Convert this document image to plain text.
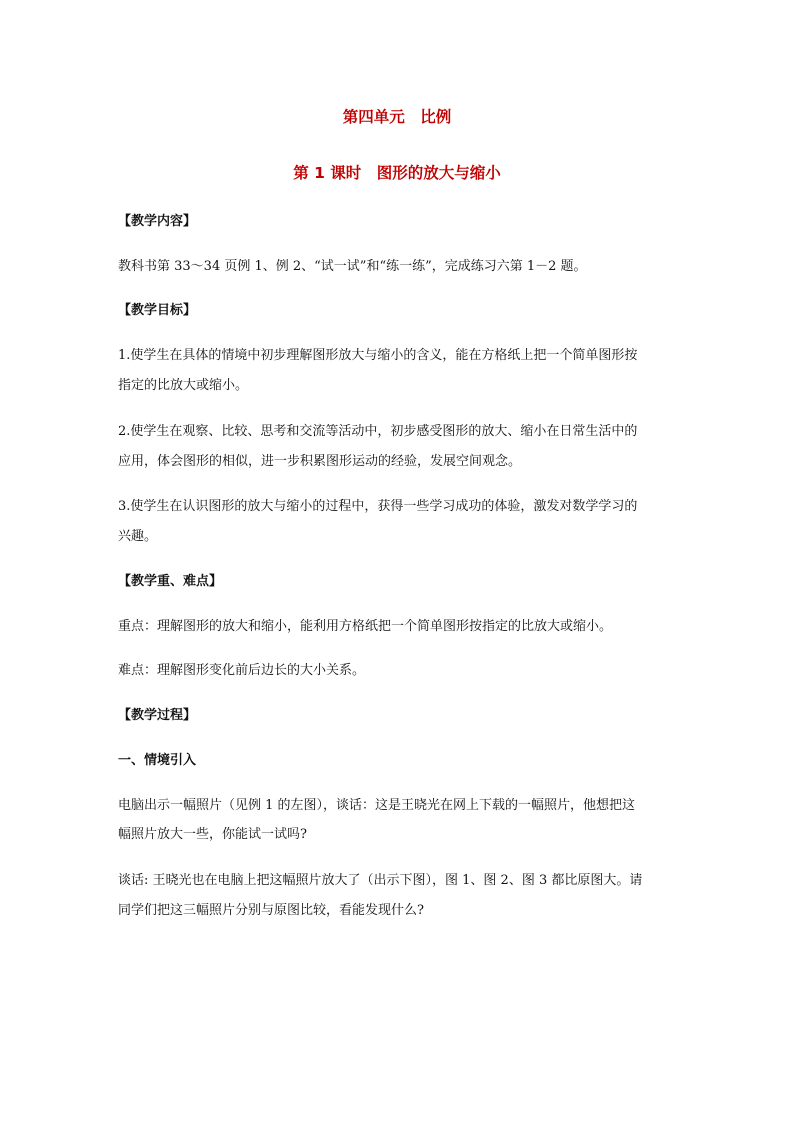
第四单元　比例
第 1 课时　图形的放大与缩小
【教学内容】
教科书第 33～34 页例 1、例 2、“试一试”和“练一练”，完成练习六第 1－2 题。
【教学目标】
1.使学生在具体的情境中初步理解图形放大与缩小的含义，能在方格纸上把一个简单图形按
指定的比放大或缩小。
2.使学生在观察、比较、思考和交流等活动中，初步感受图形的放大、缩小在日常生活中的
应用，体会图形的相似，进一步积累图形运动的经验，发展空间观念。
3.使学生在认识图形的放大与缩小的过程中，获得一些学习成功的体验，激发对数学学习的
兴趣。
【教学重、难点】
重点：理解图形的放大和缩小，能利用方格纸把一个简单图形按指定的比放大或缩小。
难点：理解图形变化前后边长的大小关系。
【教学过程】
一、情境引入
电脑出示一幅照片（见例 1 的左图），谈话：这是王晓光在网上下载的一幅照片，他想把这
幅照片放大一些，你能试一试吗?
谈话: 王晓光也在电脑上把这幅照片放大了（出示下图），图 1、图 2、图 3 都比原图大。请
同学们把这三幅照片分别与原图比较，看能发现什么?
